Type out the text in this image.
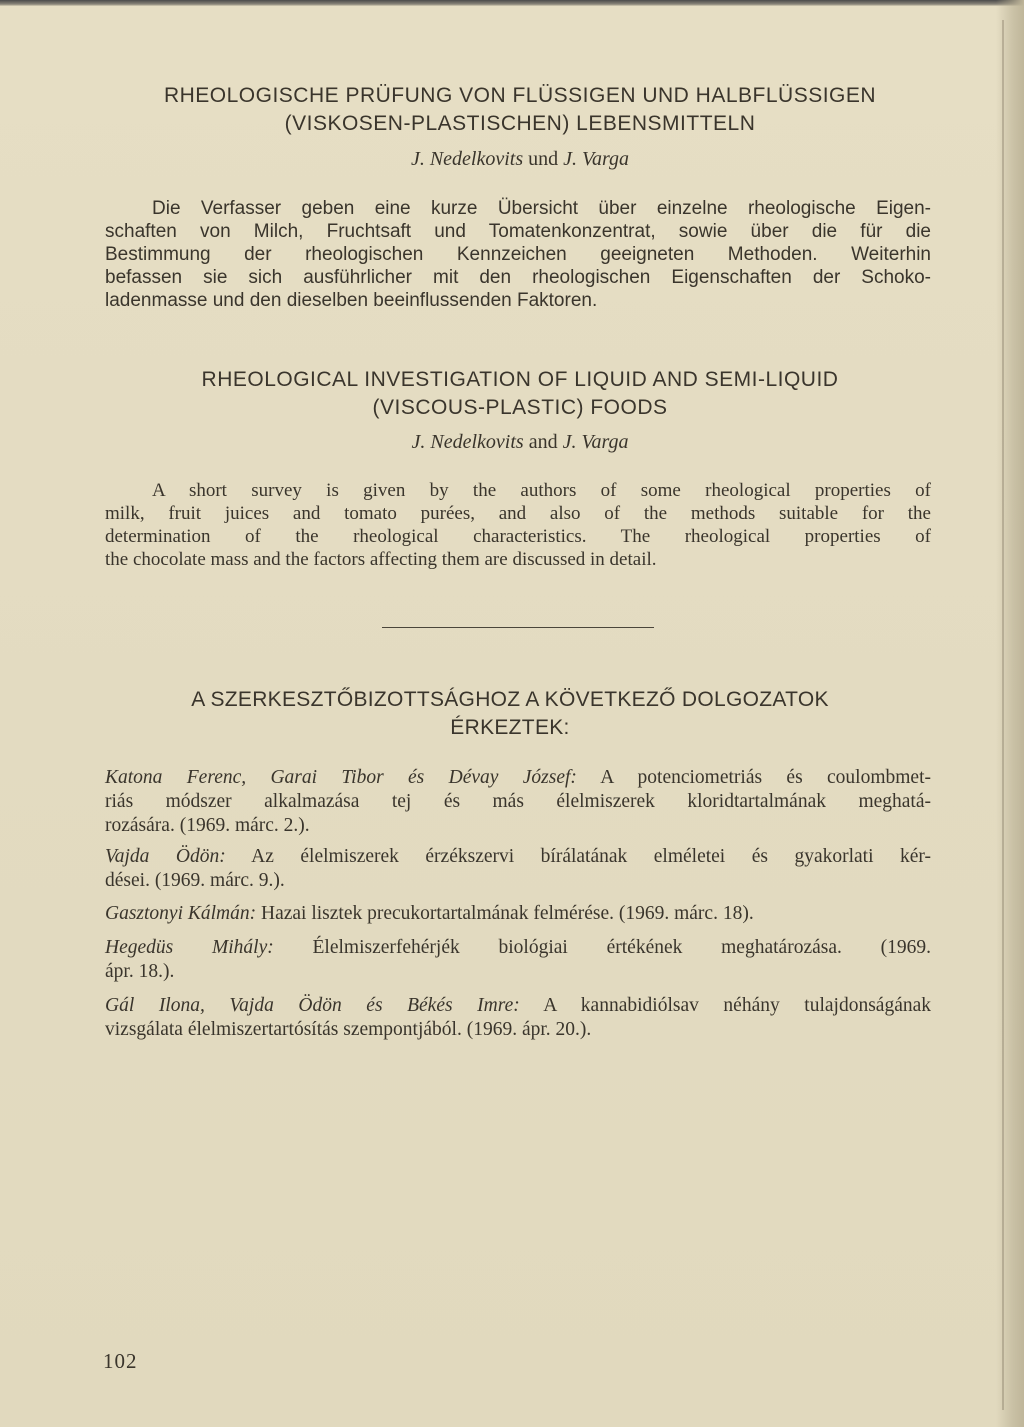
RHEOLOGISCHE PRÜFUNG VON FLÜSSIGEN UND HALBFLÜSSIGEN
(VISKOSEN-PLASTISCHEN) LEBENSMITTELN
J. Nedelkovits und J. Varga
Die Verfasser geben eine kurze Übersicht über einzelne rheologische Eigen-
schaften von Milch, Fruchtsaft und Tomatenkonzentrat, sowie über die für die
Bestimmung der rheologischen Kennzeichen geeigneten Methoden. Weiterhin
befassen sie sich ausführlicher mit den rheologischen Eigenschaften der Schoko-
ladenmasse und den dieselben beeinflussenden Faktoren.
RHEOLOGICAL INVESTIGATION OF LIQUID AND SEMI-LIQUID
(VISCOUS-PLASTIC) FOODS
J. Nedelkovits and J. Varga
A short survey is given by the authors of some rheological properties of
milk, fruit juices and tomato purées, and also of the methods suitable for the
determination of the rheological characteristics. The rheological properties of
the chocolate mass and the factors affecting them are discussed in detail.
A SZERKESZTŐBIZOTTSÁGHOZ A KÖVETKEZŐ DOLGOZATOK
ÉRKEZTEK:
Katona Ferenc, Garai Tibor és Dévay József: A potenciometriás és coulombmet-
riás módszer alkalmazása tej és más élelmiszerek kloridtartalmának meghatá-
rozására. (1969. márc. 2.).
Vajda Ödön: Az élelmiszerek érzékszervi bírálatának elméletei és gyakorlati kér-
dései. (1969. márc. 9.).
Gasztonyi Kálmán: Hazai lisztek precukortartalmának felmérése. (1969. márc. 18).
Hegedüs Mihály: Élelmiszerfehérjék biológiai értékének meghatározása. (1969.
ápr. 18.).
Gál Ilona, Vajda Ödön és Békés Imre: A kannabidiólsav néhány tulajdonságának
vizsgálata élelmiszertartósítás szempontjából. (1969. ápr. 20.).
102
